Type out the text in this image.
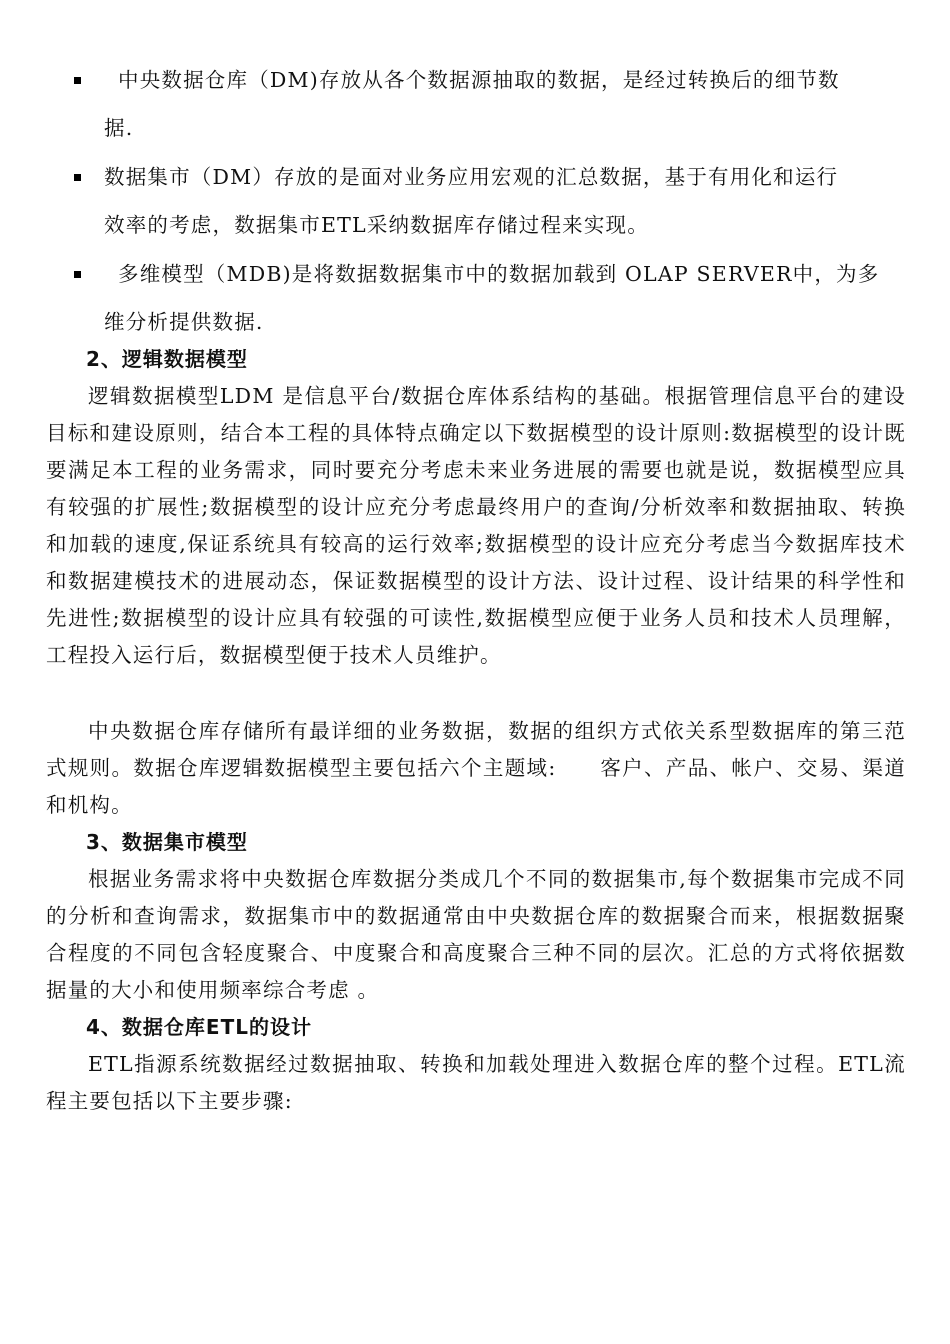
中央数据仓库（DM)存放从各个数据源抽取的数据，是经过转换后的细节数
据.
数据集市（DM）存放的是面对业务应用宏观的汇总数据，基于有用化和运行
效率的考虑，数据集市ETL采纳数据库存储过程来实现。
多维模型（MDB)是将数据数据集市中的数据加载到 OLAP SERVER中，为多
维分析提供数据.
2、逻辑数据模型
逻辑数据模型LDM 是信息平台/数据仓库体系结构的基础。根据管理信息平台的建设目标和建设原则，结合本工程的具体特点确定以下数据模型的设计原则:数据模型的设计既要满足本工程的业务需求，同时要充分考虑未来业务进展的需要也就是说，数据模型应具有较强的扩展性;数据模型的设计应充分考虑最终用户的查询/分析效率和数据抽取、转换和加载的速度,保证系统具有较高的运行效率;数据模型的设计应充分考虑当今数据库技术和数据建模技术的进展动态，保证数据模型的设计方法、设计过程、设计结果的科学性和先进性;数据模型的设计应具有较强的可读性,数据模型应便于业务人员和技术人员理解，工程投入运行后，数据模型便于技术人员维护。
中央数据仓库存储所有最详细的业务数据，数据的组织方式依关系型数据库的第三范式规则。数据仓库逻辑数据模型主要包括六个主题域:　　客户、产品、帐户、交易、渠道和机构。
3、数据集市模型
根据业务需求将中央数据仓库数据分类成几个不同的数据集市,每个数据集市完成不同的分析和查询需求，数据集市中的数据通常由中央数据仓库的数据聚合而来，根据数据聚合程度的不同包含轻度聚合、中度聚合和高度聚合三种不同的层次。汇总的方式将依据数据量的大小和使用频率综合考虑 。
4、数据仓库ETL的设计
ETL指源系统数据经过数据抽取、转换和加载处理进入数据仓库的整个过程。ETL流程主要包括以下主要步骤:
